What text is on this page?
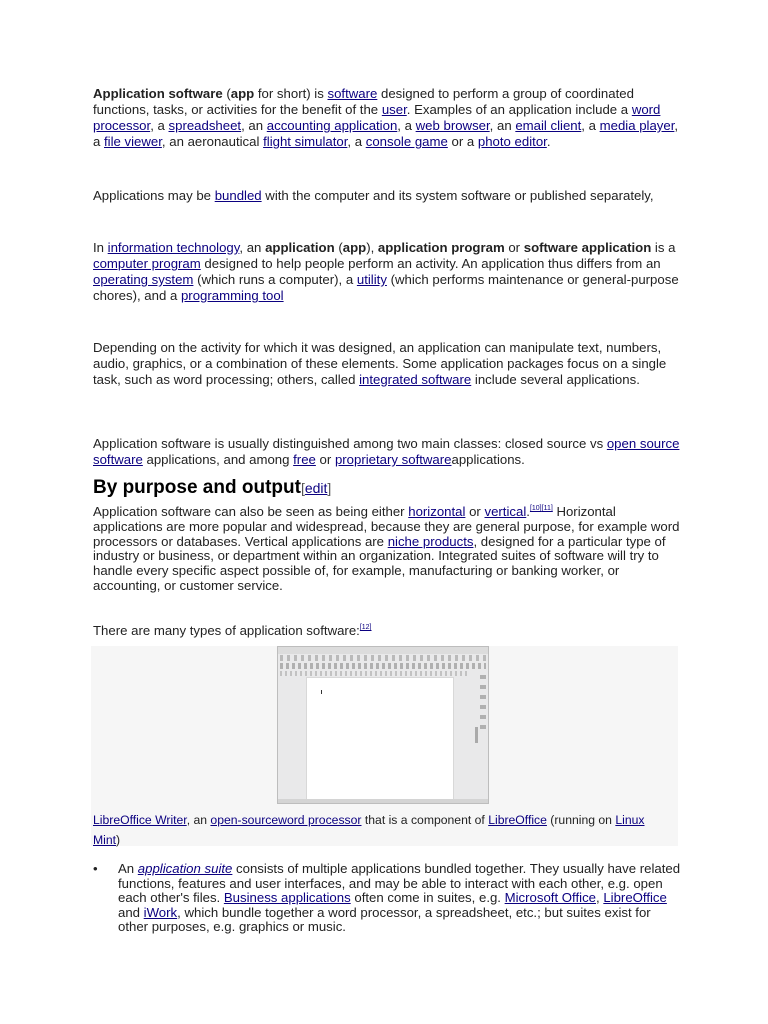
Application software (app for short) is software designed to perform a group of coordinated functions, tasks, or activities for the benefit of the user. Examples of an application include a word processor, a spreadsheet, an accounting application, a web browser, an email client, a media player, a file viewer, an aeronautical flight simulator, a console game or a photo editor.

Applications may be bundled with the computer and its system software or published separately,

In information technology, an application (app), application program or software application is a computer program designed to help people perform an activity. An application thus differs from an operating system (which runs a computer), a utility (which performs maintenance or general-purpose chores), and a programming tool

Depending on the activity for which it was designed, an application can manipulate text, numbers, audio, graphics, or a combination of these elements. Some application packages focus on a single task, such as word processing; others, called integrated software include several applications.

Application software is usually distinguished among two main classes: closed source vs open source software applications, and among free or proprietary softwareapplications.

By purpose and output[edit]

Application software can also be seen as being either horizontal or vertical.[10][11] Horizontal applications are more popular and widespread, because they are general purpose, for example word processors or databases. Vertical applications are niche products, designed for a particular type of industry or business, or department within an organization. Integrated suites of software will try to handle every specific aspect possible of, for example, manufacturing or banking worker, or accounting, or customer service.

There are many types of application software:[12]

LibreOffice Writer, an open-sourceword processor that is a component of LibreOffice (running on Linux Mint)

• An application suite consists of multiple applications bundled together. They usually have related functions, features and user interfaces, and may be able to interact with each other, e.g. open each other's files. Business applications often come in suites, e.g. Microsoft Office, LibreOffice and iWork, which bundle together a word processor, a spreadsheet, etc.; but suites exist for other purposes, e.g. graphics or music.
